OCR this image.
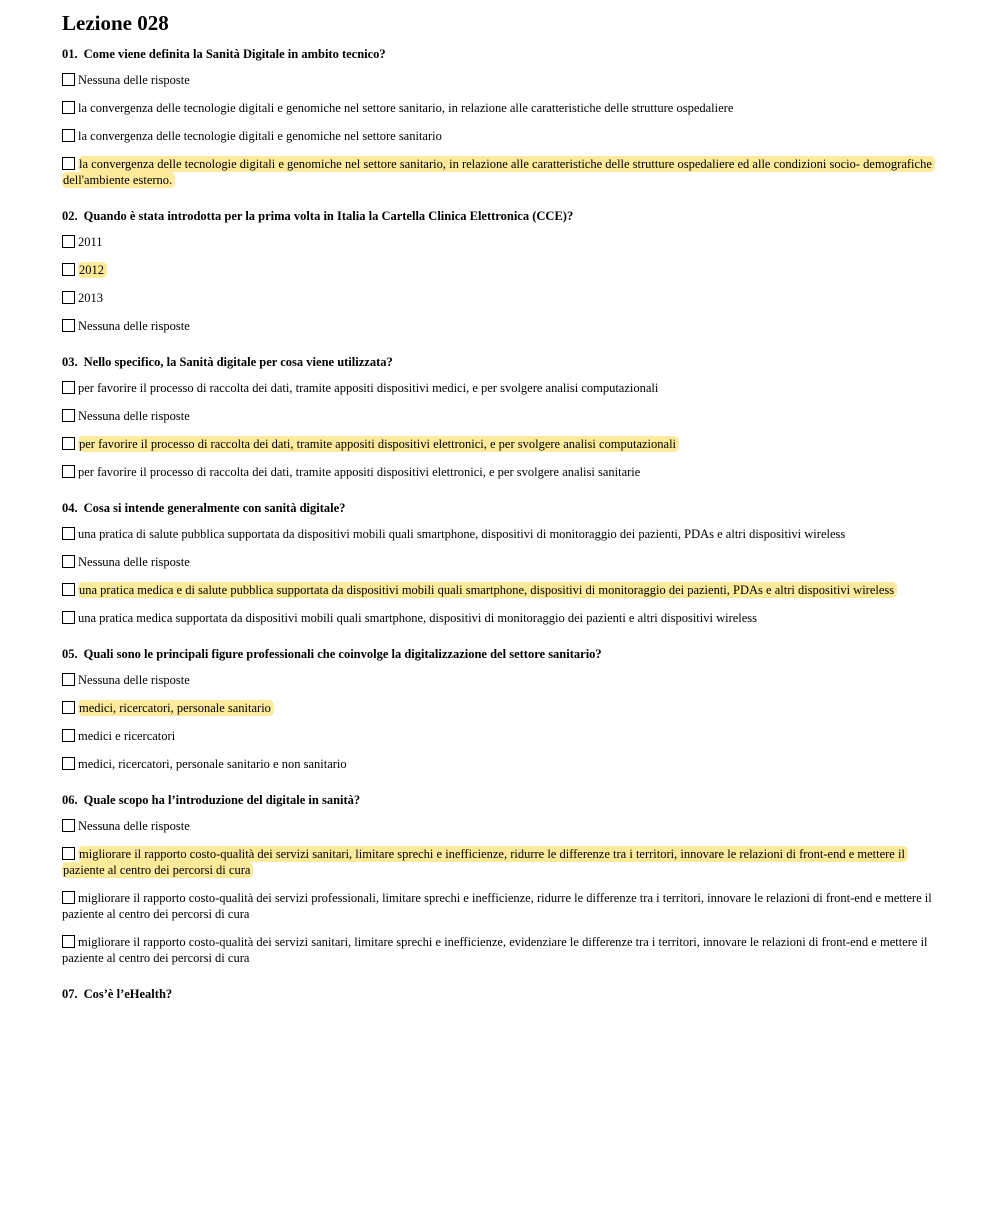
Lezione 028
01. Come viene definita la Sanità Digitale in ambito tecnico?
Nessuna delle risposte
la convergenza delle tecnologie digitali e genomiche nel settore sanitario, in relazione alle caratteristiche delle strutture ospedaliere
la convergenza delle tecnologie digitali e genomiche nel settore sanitario
la convergenza delle tecnologie digitali e genomiche nel settore sanitario, in relazione alle caratteristiche delle strutture ospedaliere ed alle condizioni socio- demografiche dell'ambiente esterno.
02. Quando è stata introdotta per la prima volta in Italia la Cartella Clinica Elettronica (CCE)?
2011
2012
2013
Nessuna delle risposte
03. Nello specifico, la Sanità digitale per cosa viene utilizzata?
per favorire il processo di raccolta dei dati, tramite appositi dispositivi medici, e per svolgere analisi computazionali
Nessuna delle risposte
per favorire il processo di raccolta dei dati, tramite appositi dispositivi elettronici, e per svolgere analisi computazionali
per favorire il processo di raccolta dei dati, tramite appositi dispositivi elettronici, e per svolgere analisi sanitarie
04. Cosa si intende generalmente con sanità digitale?
una pratica di salute pubblica supportata da dispositivi mobili quali smartphone, dispositivi di monitoraggio dei pazienti, PDAs e altri dispositivi wireless
Nessuna delle risposte
una pratica medica e di salute pubblica supportata da dispositivi mobili quali smartphone, dispositivi di monitoraggio dei pazienti, PDAs e altri dispositivi wireless
una pratica medica supportata da dispositivi mobili quali smartphone, dispositivi di monitoraggio dei pazienti e altri dispositivi wireless
05. Quali sono le principali figure professionali che coinvolge la digitalizzazione del settore sanitario?
Nessuna delle risposte
medici, ricercatori, personale sanitario
medici e ricercatori
medici, ricercatori, personale sanitario e non sanitario
06. Quale scopo ha l’introduzione del digitale in sanità?
Nessuna delle risposte
migliorare il rapporto costo-qualità dei servizi sanitari, limitare sprechi e inefficienze, ridurre le differenze tra i territori, innovare le relazioni di front-end e mettere il paziente al centro dei percorsi di cura
migliorare il rapporto costo-qualità dei servizi professionali, limitare sprechi e inefficienze, ridurre le differenze tra i territori, innovare le relazioni di front-end e mettere il paziente al centro dei percorsi di cura
migliorare il rapporto costo-qualità dei servizi sanitari, limitare sprechi e inefficienze, evidenziare le differenze tra i territori, innovare le relazioni di front-end e mettere il paziente al centro dei percorsi di cura
07. Cos’è l’eHealth?
